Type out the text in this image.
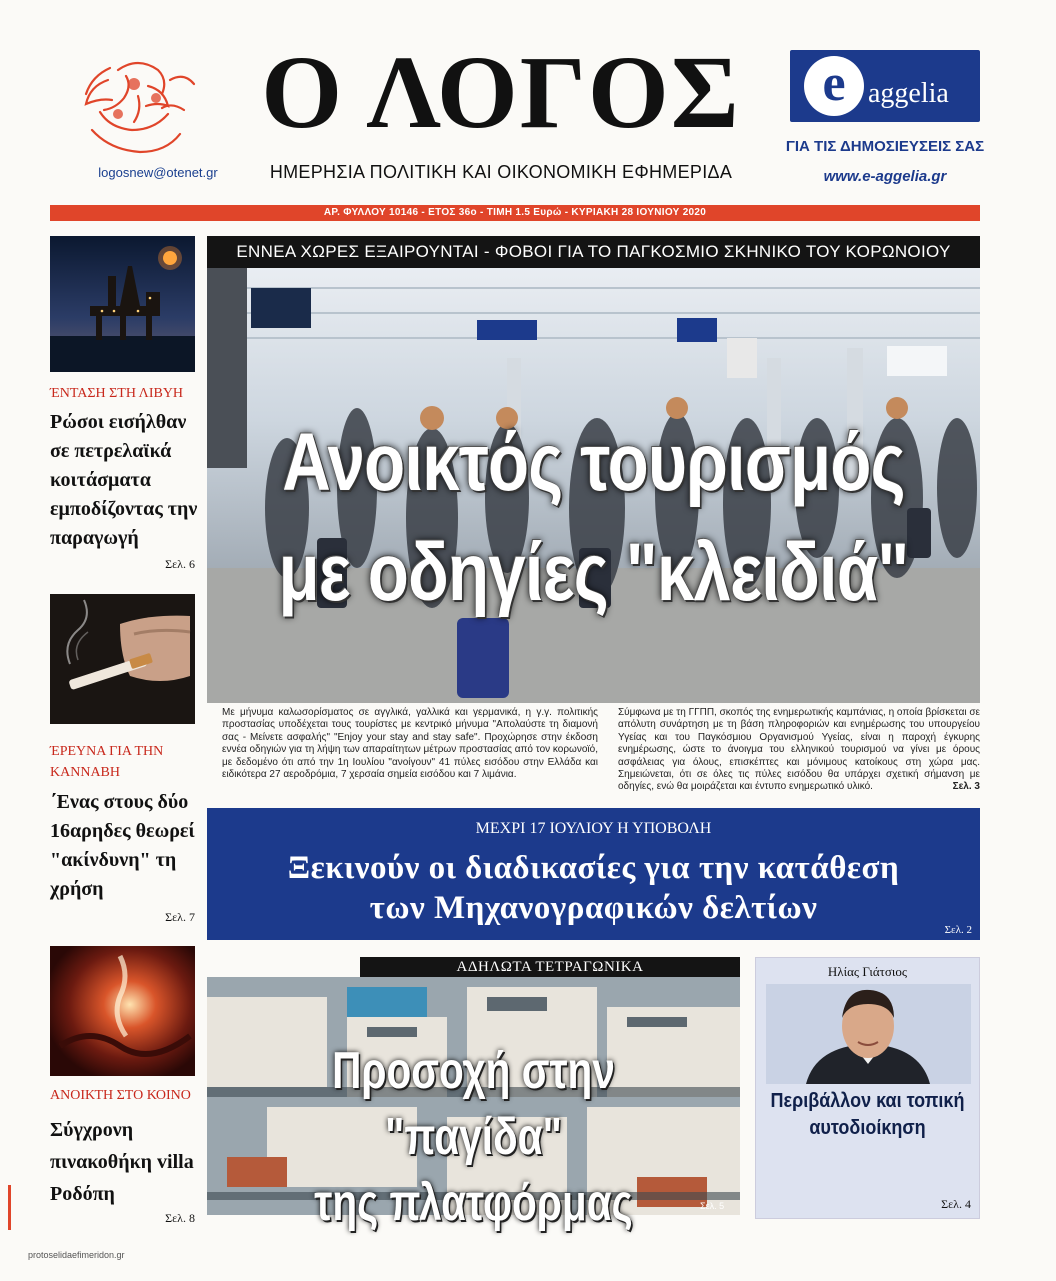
logosnew@otenet.gr
Ο ΛΟΓΟΣ
ΗΜΕΡΗΣΙΑ ΠΟΛΙΤΙΚΗ ΚΑΙ ΟΙΚΟΝΟΜΙΚΗ ΕΦΗΜΕΡΙΔΑ
e aggelia
ΓΙΑ ΤΙΣ ΔΗΜΟΣΙΕΥΣΕΙΣ ΣΑΣ
www.e-aggelia.gr
ΑΡ. ΦΥΛΛΟΥ 10146 - ΕΤΟΣ 36ο - ΤΙΜΗ 1.5 Ευρώ - ΚΥΡΙΑΚΗ 28 ΙΟΥΝΙΟΥ 2020
ΈΝΤΑΣΗ ΣΤΗ ΛΙΒΥΗ
Ρώσοι εισήλθαν σε πετρελαϊκά κοιτάσματα εμποδίζοντας την παραγωγή
Σελ. 6
ΈΡΕΥΝΑ ΓΙΑ ΤΗΝ ΚΑΝΝΑΒΗ
΄Ενας στους δύο 16αρηδες θεωρεί "ακίνδυνη" τη χρήση
Σελ. 7
ΑΝΟΙΚΤΗ ΣΤΟ ΚΟΙΝΟ
Σύγχρονη πινακοθήκη villa Ροδόπη
Σελ. 8
ΕΝΝΕΑ ΧΩΡΕΣ ΕΞΑΙΡΟΥΝΤΑΙ - ΦΟΒΟΙ ΓΙΑ ΤΟ ΠΑΓΚΟΣΜΙΟ ΣΚΗΝΙΚΟ ΤΟΥ ΚΟΡΩΝΟΙΟΥ
Ανοικτός τουρισμός με οδηγίες "κλειδιά"
Με μήνυμα καλωσορίσματος σε αγγλικά, γαλλικά και γερμανικά, η γ.γ. πολιτικής προστασίας υποδέχεται τους τουρίστες με κεντρικό μήνυμα "Απολαύστε τη διαμονή σας - Μείνετε ασφαλής" "Enjoy your stay and stay safe". Προχώρησε στην έκδοση εννέα οδηγιών για τη λήψη των απαραίτητων μέτρων προστασίας από τον κορωνοϊό, με δεδομένο ότι από την 1η Ιουλίου "ανοίγουν" 41 πύλες εισόδου στην Ελλάδα και ειδικότερα 27 αεροδρόμια, 7 χερσαία σημεία εισόδου και 7 λιμάνια.
Σύμφωνα με τη ΓΓΠΠ, σκοπός της ενημερωτικής καμπάνιας, η οποία βρίσκεται σε απόλυτη συνάρτηση με τη βάση πληροφοριών και ενημέρωσης του υπουργείου Υγείας και του Παγκόσμιου Οργανισμού Υγείας, είναι η παροχή έγκυρης ενημέρωσης, ώστε το άνοιγμα του ελληνικού τουρισμού να γίνει με όρους ασφάλειας για όλους, επισκέπτες και μόνιμους κατοίκους στη χώρα μας. Σημειώνεται, ότι σε όλες τις πύλες εισόδου θα υπάρχει σχετική σήμανση με οδηγίες, ενώ θα μοιράζεται και έντυπο ενημερωτικό υλικό.	Σελ. 3
ΜΕΧΡΙ 17 ΙΟΥΛΙΟΥ Η ΥΠΟΒΟΛΗ
Ξεκινούν οι διαδικασίες για την κατάθεση
των Μηχανογραφικών δελτίων
Σελ. 2
ΑΔΗΛΩΤΑ ΤΕΤΡΑΓΩΝΙΚΑ
Προσοχή στην "παγίδα"
της πλατφόρμας	Σελ. 5
Ηλίας Γιάτσιος
Περιβάλλον και τοπική αυτοδιοίκηση
Σελ. 4
protoselidaefimeridon.gr
